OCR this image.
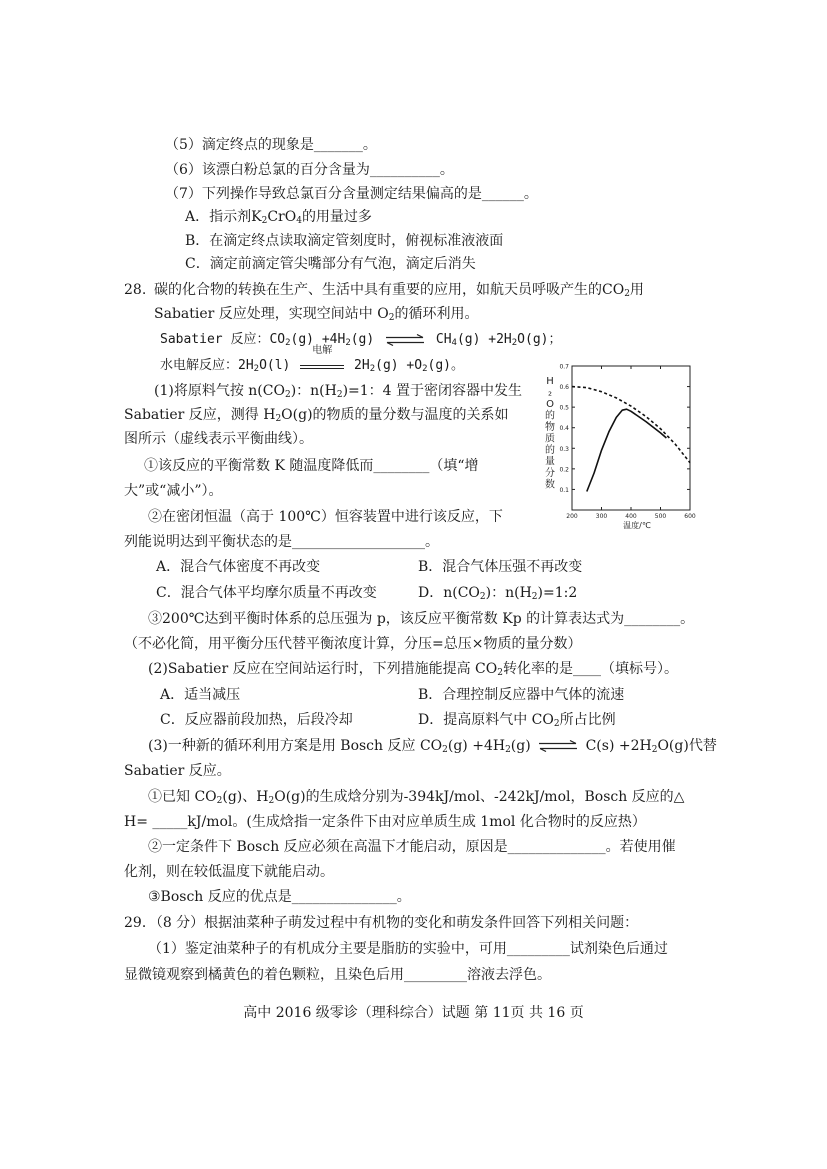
（5）滴定终点的现象是_______。
（6）该漂白粉总氯的百分含量为__________。
（7）下列操作导致总氯百分含量测定结果偏高的是______。
A．指示剂$K_2CrO_4$的用量过多
B．在滴定终点读取滴定管刻度时，俯视标准液液面
C．滴定前滴定管尖嘴部分有气泡，滴定后消失
28. 碳的化合物的转换在生产、生活中具有重要的应用，如航天员呼吸产生的$CO_2$用
Sabatier 反应处理，实现空间站中 $O_2$的循环利用。
Sabatier 反应：$CO_2(g) +4H_2(g)$ ⇌ $CH_4(g) +2H_2O(g)$；
水电解反应：$2H_2O(l)$
电解
$2H_2(g) +O_2(g)$。
(1)将原料气按 $n(CO_2)$：$n(H_2)=1$：4 置于密闭容器中发生
Sabatier 反应，测得 $H_2O(g)$的物质的量分数与温度的关系如
图所示（虚线表示平衡曲线）。
①该反应的平衡常数 K 随温度降低而________（填“增
大”或“减小”）。
②在密闭恒温（高于 100℃）恒容装置中进行该反应，下
列能说明达到平衡状态的是___________________。
A．混合气体密度不再改变	B．混合气体压强不再改变
C．混合气体平均摩尔质量不再改变	D．$n(CO_2)$：$n(H_2)=1:2$
③200℃达到平衡时体系的总压强为 p，该反应平衡常数 Kp 的计算表达式为________。
（不必化简，用平衡分压代替平衡浓度计算，分压=总压×物质的量分数）
(2)Sabatier 反应在空间站运行时，下列措施能提高 $CO_2$转化率的是____（填标号）。
A．适当减压	B．合理控制反应器中气体的流速
C．反应器前段加热，后段冷却	D．提高原料气中 $CO_2$所占比例
(3)一种新的循环利用方案是用 Bosch 反应 $CO_2(g) +4H_2(g)$ ⇌ $C(s) +2H_2O(g)$代替
Sabatier 反应。
①已知 $CO_2(g)$、$H_2O(g)$的生成焓分别为-394kJ/mol、-242kJ/mol，Bosch 反应的△
H= _____kJ/mol。(生成焓指一定条件下由对应单质生成 1mol 化合物时的反应热）
②一定条件下 Bosch 反应必须在高温下才能启动，原因是______________。若使用催
化剂，则在较低温度下就能启动。
③Bosch 反应的优点是_______________。
29．（8 分）根据油菜种子萌发过程中有机物的变化和萌发条件回答下列相关问题：
（1）鉴定油菜种子的有机成分主要是脂肪的实验中，可用_________试剂染色后通过
显微镜观察到橘黄色的着色颗粒，且染色后用_________溶液去浮色。
高中 2016 级零诊（理科综合）试题 第 11页 共 16 页
H
₂
O
的
物
质
的
量
分
数 0.1
0.2
0.3
0.4
0.5
0.6
0.7
200	300	400	500	600
温度/℃
